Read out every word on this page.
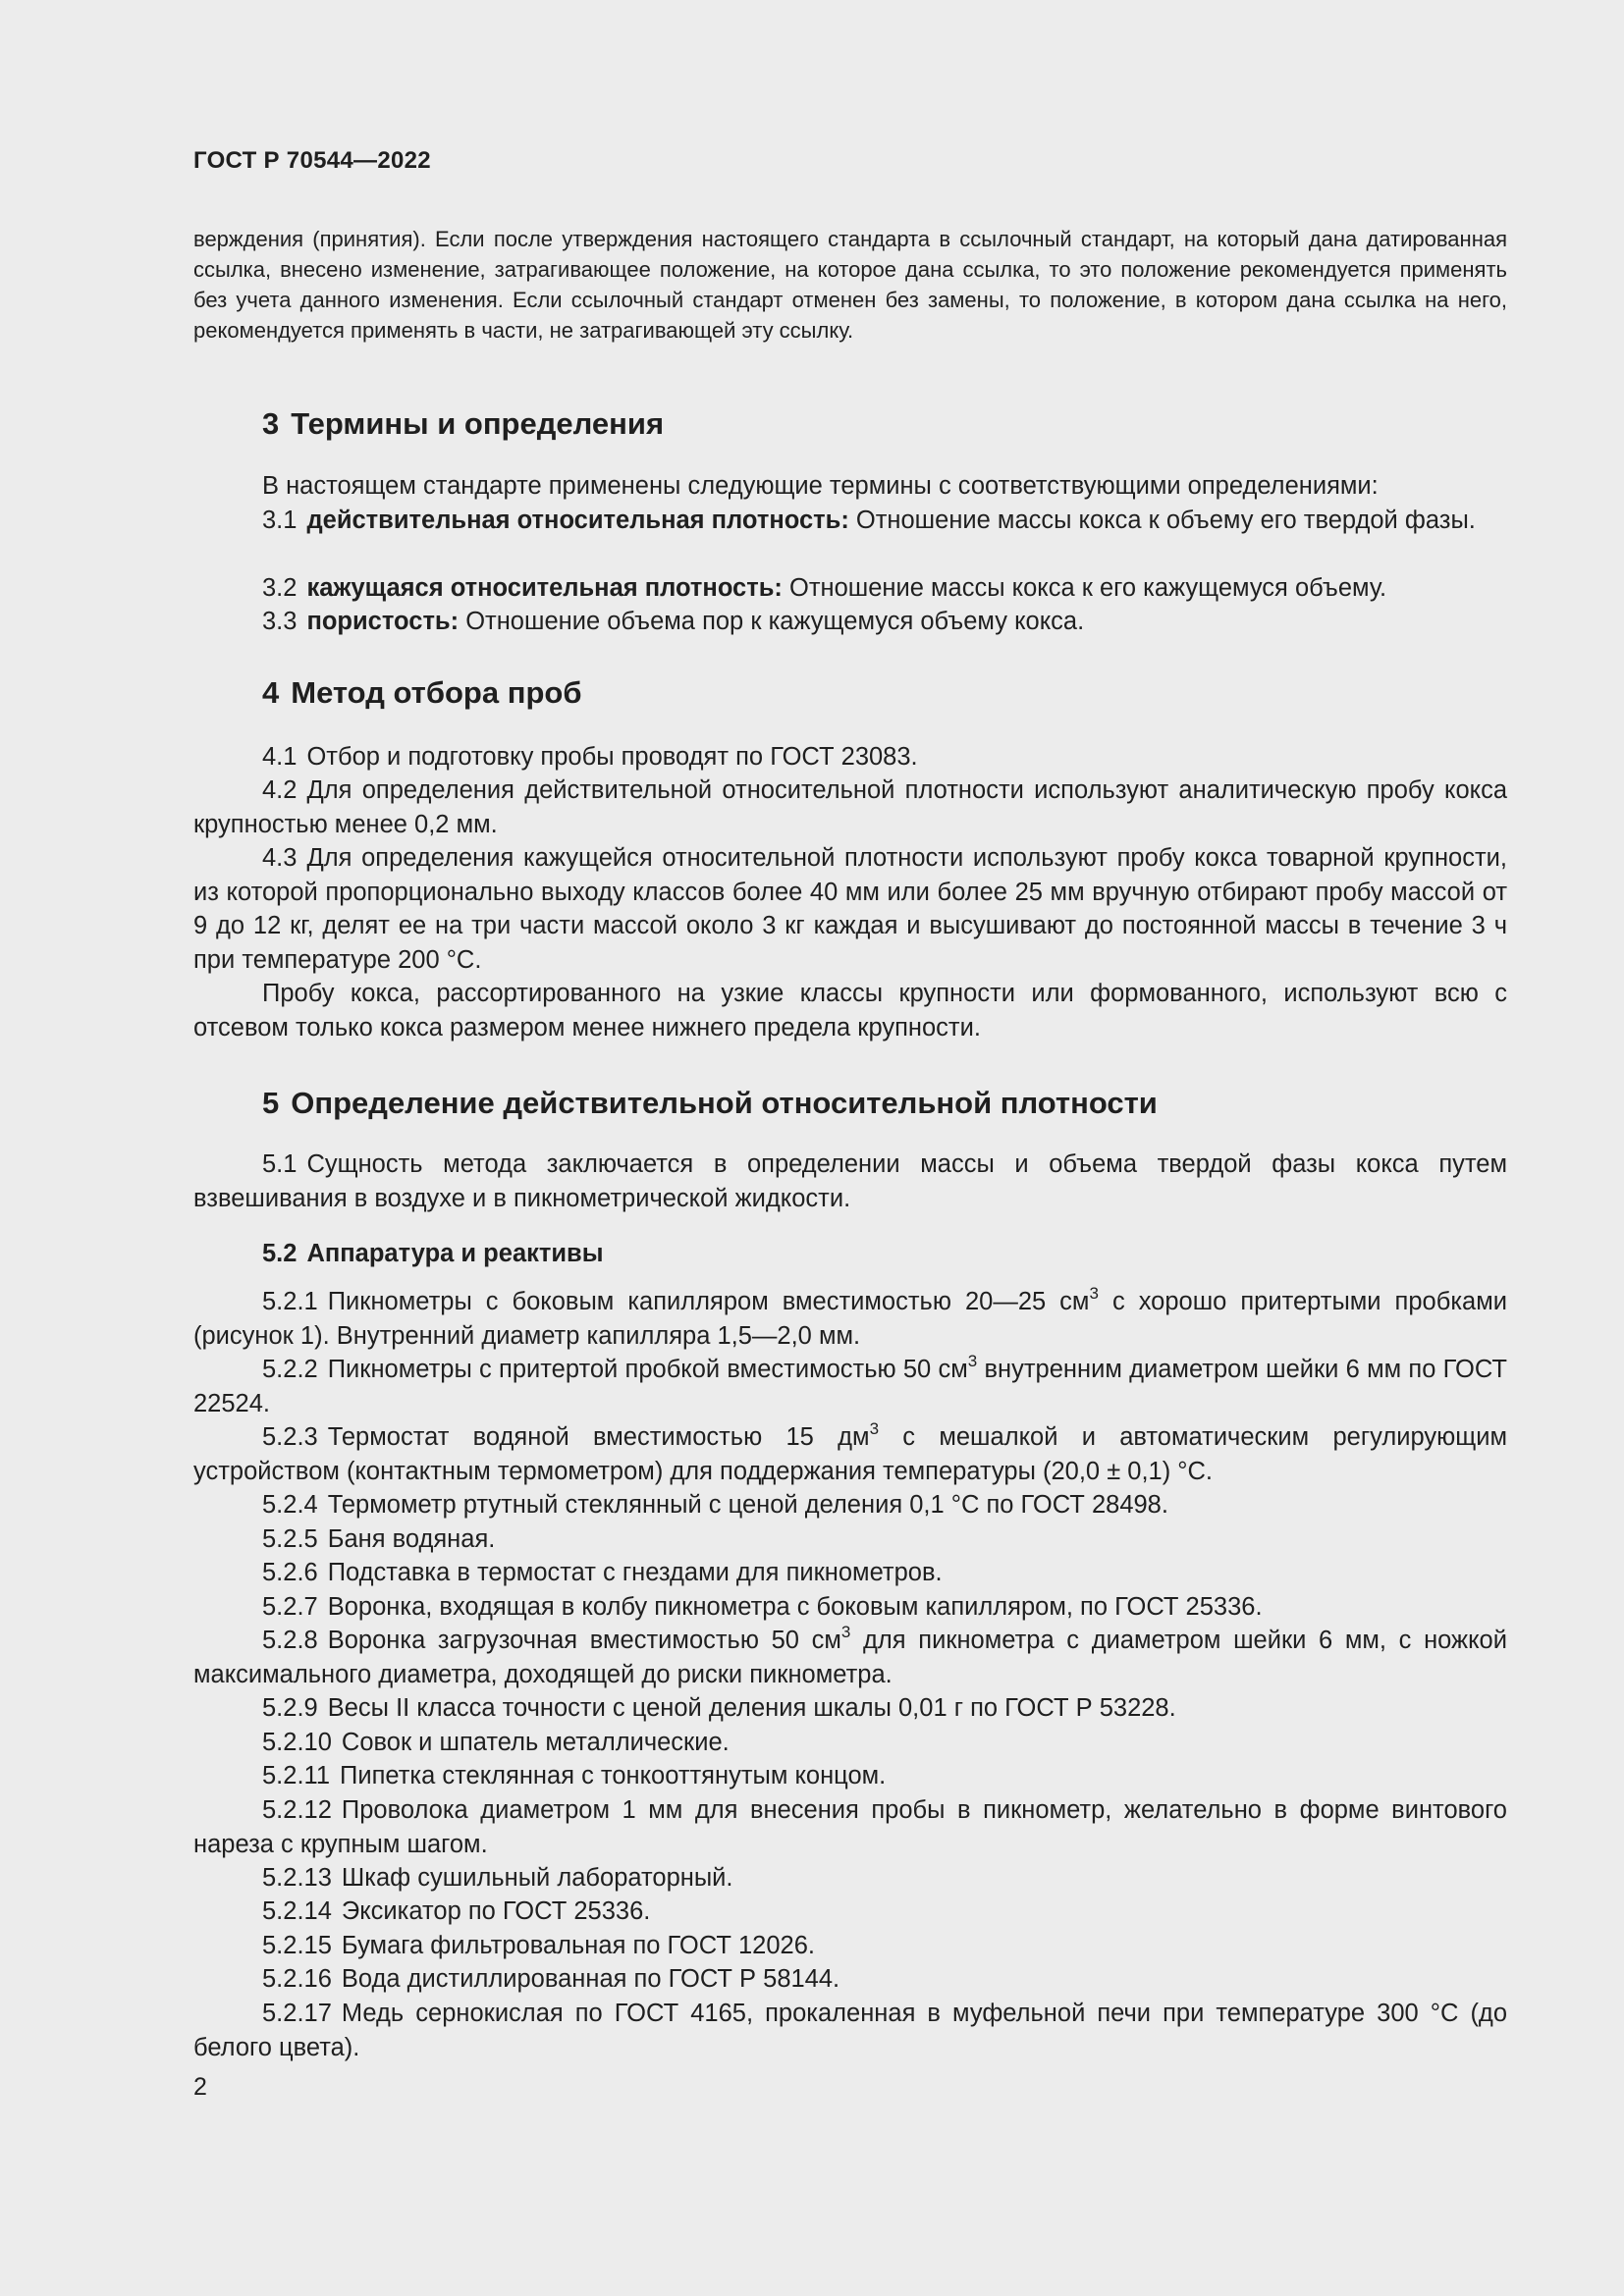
ГОСТ Р 70544—2022
верждения (принятия). Если после утверждения настоящего стандарта в ссылочный стандарт, на который дана датированная ссылка, внесено изменение, затрагивающее положение, на которое дана ссылка, то это положение рекомендуется применять без учета данного изменения. Если ссылочный стандарт отменен без замены, то положение, в котором дана ссылка на него, рекомендуется применять в части, не затрагивающей эту ссылку.
3 Термины и определения
В настоящем стандарте применены следующие термины с соответствующими определениями:
3.1 действительная относительная плотность: Отношение массы кокса к объему его твердой фазы.
3.2 кажущаяся относительная плотность: Отношение массы кокса к его кажущемуся объему.
3.3 пористость: Отношение объема пор к кажущемуся объему кокса.
4 Метод отбора проб
4.1 Отбор и подготовку пробы проводят по ГОСТ 23083.
4.2 Для определения действительной относительной плотности используют аналитическую пробу кокса крупностью менее 0,2 мм.
4.3 Для определения кажущейся относительной плотности используют пробу кокса товарной крупности, из которой пропорционально выходу классов более 40 мм или более 25 мм вручную отбирают пробу массой от 9 до 12 кг, делят ее на три части массой около 3 кг каждая и высушивают до постоянной массы в течение 3 ч при температуре 200 °С.
Пробу кокса, рассортированного на узкие классы крупности или формованного, используют всю с отсевом только кокса размером менее нижнего предела крупности.
5 Определение действительной относительной плотности
5.1 Сущность метода заключается в определении массы и объема твердой фазы кокса путем взвешивания в воздухе и в пикнометрической жидкости.
5.2 Аппаратура и реактивы
5.2.1 Пикнометры с боковым капилляром вместимостью 20—25 $см^3$ с хорошо притертыми пробками (рисунок 1). Внутренний диаметр капилляра 1,5—2,0 мм.
5.2.2 Пикнометры с притертой пробкой вместимостью 50 $см^3$ внутренним диаметром шейки 6 мм по ГОСТ 22524.
5.2.3 Термостат водяной вместимостью 15 $дм^3$ с мешалкой и автоматическим регулирующим устройством (контактным термометром) для поддержания температуры (20,0 ± 0,1) °С.
5.2.4 Термометр ртутный стеклянный с ценой деления 0,1 °С по ГОСТ 28498.
5.2.5 Баня водяная.
5.2.6 Подставка в термостат с гнездами для пикнометров.
5.2.7 Воронка, входящая в колбу пикнометра с боковым капилляром, по ГОСТ 25336.
5.2.8 Воронка загрузочная вместимостью 50 $см^3$ для пикнометра с диаметром шейки 6 мм, с ножкой максимального диаметра, доходящей до риски пикнометра.
5.2.9 Весы II класса точности с ценой деления шкалы 0,01 г по ГОСТ Р 53228.
5.2.10 Совок и шпатель металлические.
5.2.11 Пипетка стеклянная с тонкооттянутым концом.
5.2.12 Проволока диаметром 1 мм для внесения пробы в пикнометр, желательно в форме винтового нареза с крупным шагом.
5.2.13 Шкаф сушильный лабораторный.
5.2.14 Эксикатор по ГОСТ 25336.
5.2.15 Бумага фильтровальная по ГОСТ 12026.
5.2.16 Вода дистиллированная по ГОСТ Р 58144.
5.2.17 Медь сернокислая по ГОСТ 4165, прокаленная в муфельной печи при температуре 300 °С (до белого цвета).
2
